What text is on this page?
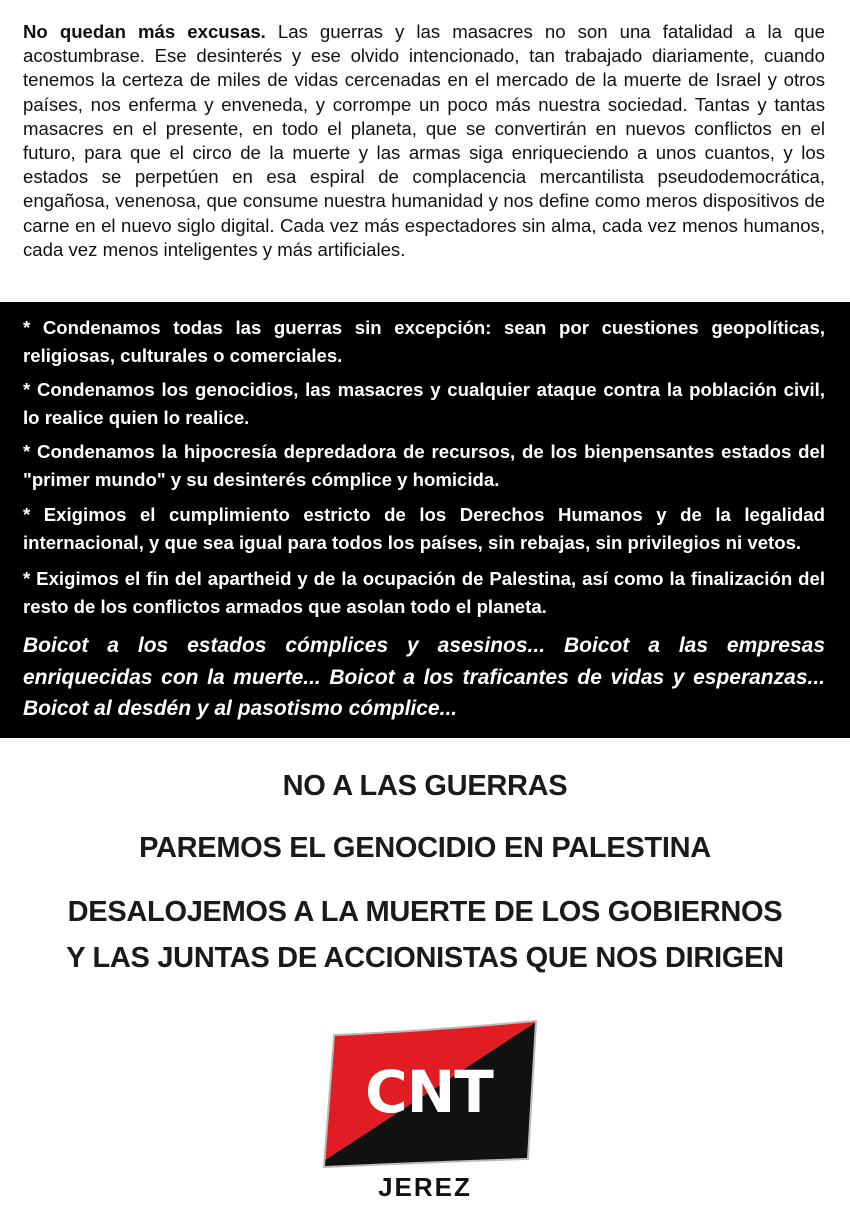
No quedan más excusas. Las guerras y las masacres no son una fatalidad a la que acostumbrase. Ese desinterés y ese olvido intencionado, tan trabajado diariamente, cuando tenemos la certeza de miles de vidas cercenadas en el mercado de la muerte de Israel y otros países, nos enferma y enveneda, y corrompe un poco más nuestra sociedad. Tantas y tantas masacres en el presente, en todo el planeta, que se convertirán en nuevos conflictos en el futuro, para que el circo de la muerte y las armas siga enriqueciendo a unos cuantos, y los estados se perpetúen en esa espiral de complacencia mercantilista pseudodemocrática, engañosa, venenosa, que consume nuestra humanidad y nos define como meros dispositivos de carne en el nuevo siglo digital. Cada vez más espectadores sin alma, cada vez menos humanos, cada vez menos inteligentes y más artificiales.

* Condenamos todas las guerras sin excepción: sean por cuestiones geopolíticas, religiosas, culturales o comerciales.

* Condenamos los genocidios, las masacres y cualquier ataque contra la población civil, lo realice quien lo realice.

* Condenamos la hipocresía depredadora de recursos, de los bienpensantes estados del "primer mundo" y su desinterés cómplice y homicida.

* Exigimos el cumplimiento estricto de los Derechos Humanos y de la legalidad internacional, y que sea igual para todos los países, sin rebajas, sin privilegios ni vetos.

* Exigimos el fin del apartheid y de la ocupación de Palestina, así como la finalización del resto de los conflictos armados que asolan todo el planeta.

Boicot a los estados cómplices y asesinos... Boicot a las empresas enriquecidas con la muerte... Boicot a los traficantes de vidas y esperanzas... Boicot al desdén y al pasotismo cómplice...

NO A LAS GUERRAS

PAREMOS EL GENOCIDIO EN PALESTINA

DESALOJEMOS A LA MUERTE DE LOS GOBIERNOS

Y LAS JUNTAS DE ACCIONISTAS QUE NOS DIRIGEN

CNT
JEREZ
